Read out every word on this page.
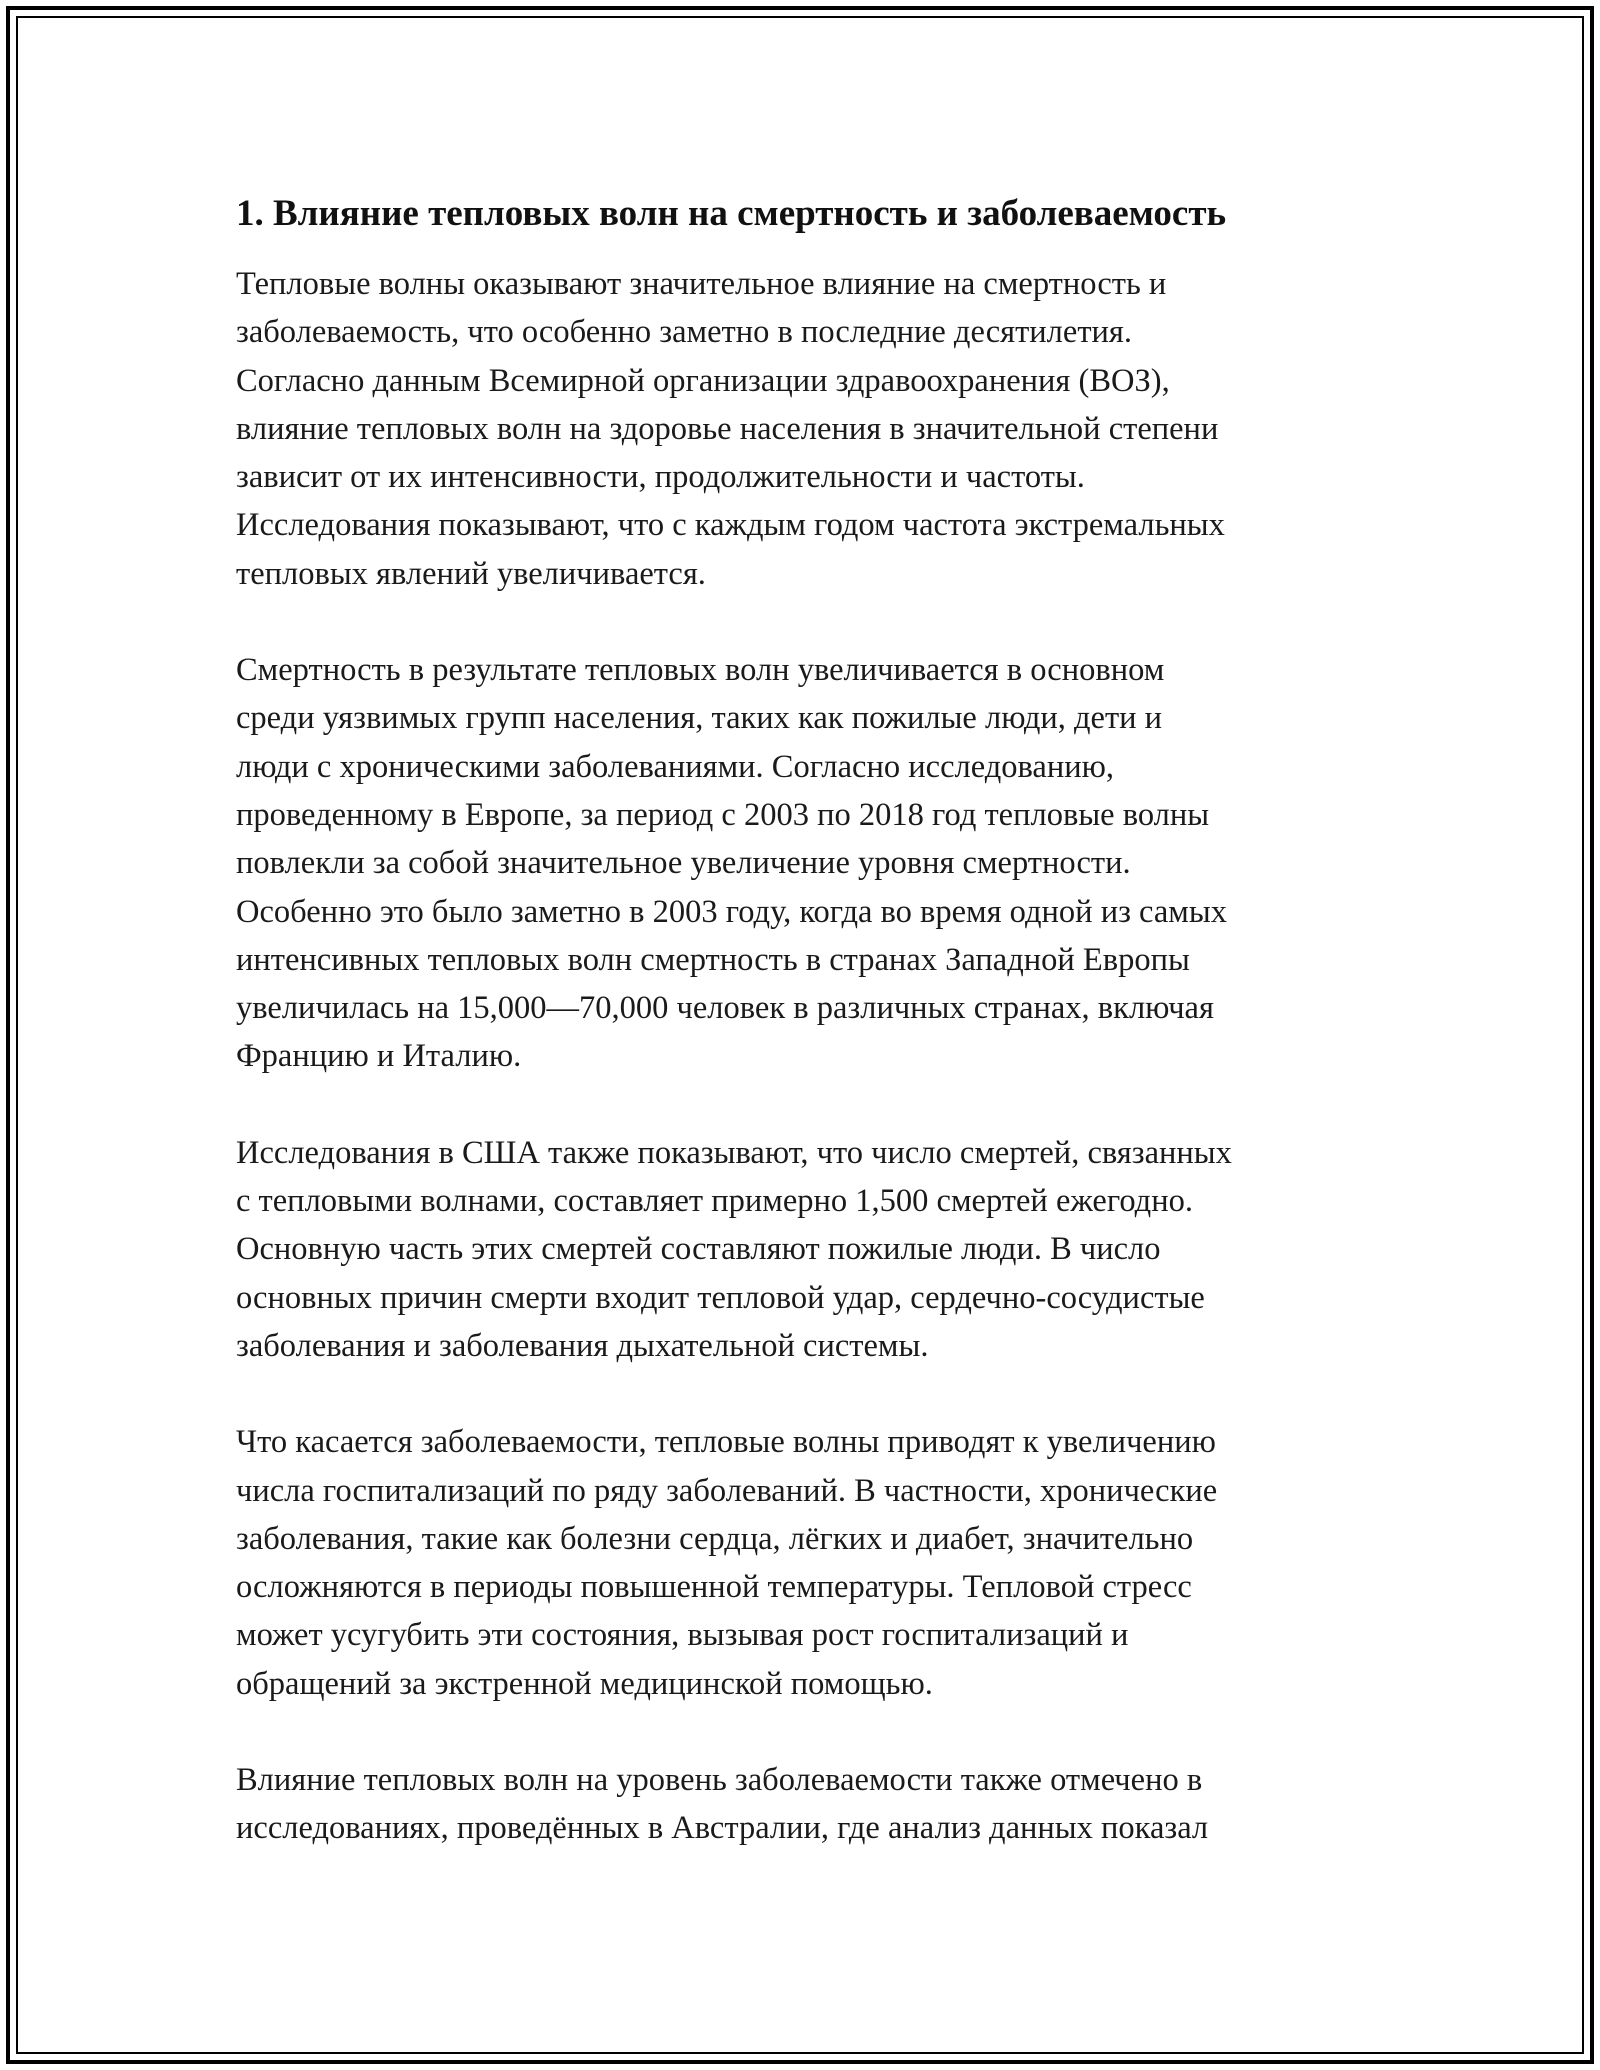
1. Влияние тепловых волн на смертность и заболеваемость

Тепловые волны оказывают значительное влияние на смертность и
заболеваемость, что особенно заметно в последние десятилетия.
Согласно данным Всемирной организации здравоохранения (ВОЗ),
влияние тепловых волн на здоровье населения в значительной степени
зависит от их интенсивности, продолжительности и частоты.
Исследования показывают, что с каждым годом частота экстремальных
тепловых явлений увеличивается.

Смертность в результате тепловых волн увеличивается в основном
среди уязвимых групп населения, таких как пожилые люди, дети и
люди с хроническими заболеваниями. Согласно исследованию,
проведенному в Европе, за период с 2003 по 2018 год тепловые волны
повлекли за собой значительное увеличение уровня смертности.
Особенно это было заметно в 2003 году, когда во время одной из самых
интенсивных тепловых волн смертность в странах Западной Европы
увеличилась на 15,000—70,000 человек в различных странах, включая
Францию и Италию.

Исследования в США также показывают, что число смертей, связанных
с тепловыми волнами, составляет примерно 1,500 смертей ежегодно.
Основную часть этих смертей составляют пожилые люди. В число
основных причин смерти входит тепловой удар, сердечно-сосудистые
заболевания и заболевания дыхательной системы.

Что касается заболеваемости, тепловые волны приводят к увеличению
числа госпитализаций по ряду заболеваний. В частности, хронические
заболевания, такие как болезни сердца, лёгких и диабет, значительно
осложняются в периоды повышенной температуры. Тепловой стресс
может усугубить эти состояния, вызывая рост госпитализаций и
обращений за экстренной медицинской помощью.

Влияние тепловых волн на уровень заболеваемости также отмечено в
исследованиях, проведённых в Австралии, где анализ данных показал
